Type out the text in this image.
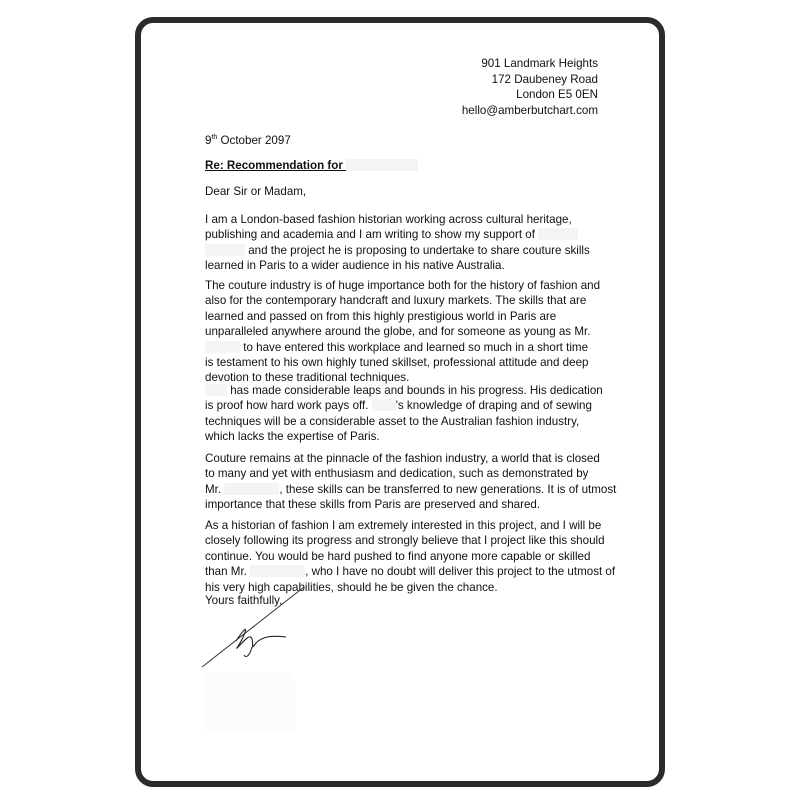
901 Landmark Heights
172 Daubeney Road
London E5 0EN
hello@amberbutchart.com
9th October 2097
Re: Recommendation for
Dear Sir or Madam,
I am a London-based fashion historian working across cultural heritage,
publishing and academia and I am writing to show my support of
and the project he is proposing to undertake to share couture skills
learned in Paris to a wider audience in his native Australia.
The couture industry is of huge importance both for the history of fashion and
also for the contemporary handcraft and luxury markets. The skills that are
learned and passed on from this highly prestigious world in Paris are
unparalleled anywhere around the globe, and for someone as young as Mr.
to have entered this workplace and learned so much in a short time
is testament to his own highly tuned skillset, professional attitude and deep
devotion to these traditional techniques.
has made considerable leaps and bounds in his progress. His dedication
is proof how hard work pays off. 's knowledge of draping and of sewing
techniques will be a considerable asset to the Australian fashion industry,
which lacks the expertise of Paris.
Couture remains at the pinnacle of the fashion industry, a world that is closed
to many and yet with enthusiasm and dedication, such as demonstrated by
Mr.	, these skills can be transferred to new generations. It is of utmost
importance that these skills from Paris are preserved and shared.
As a historian of fashion I am extremely interested in this project, and I will be
closely following its progress and strongly believe that I project like this should
continue. You would be hard pushed to find anyone more capable or skilled
than Mr.	, who I have no doubt will deliver this project to the utmost of
his very high capabilities, should he be given the chance.
Yours faithfully,
